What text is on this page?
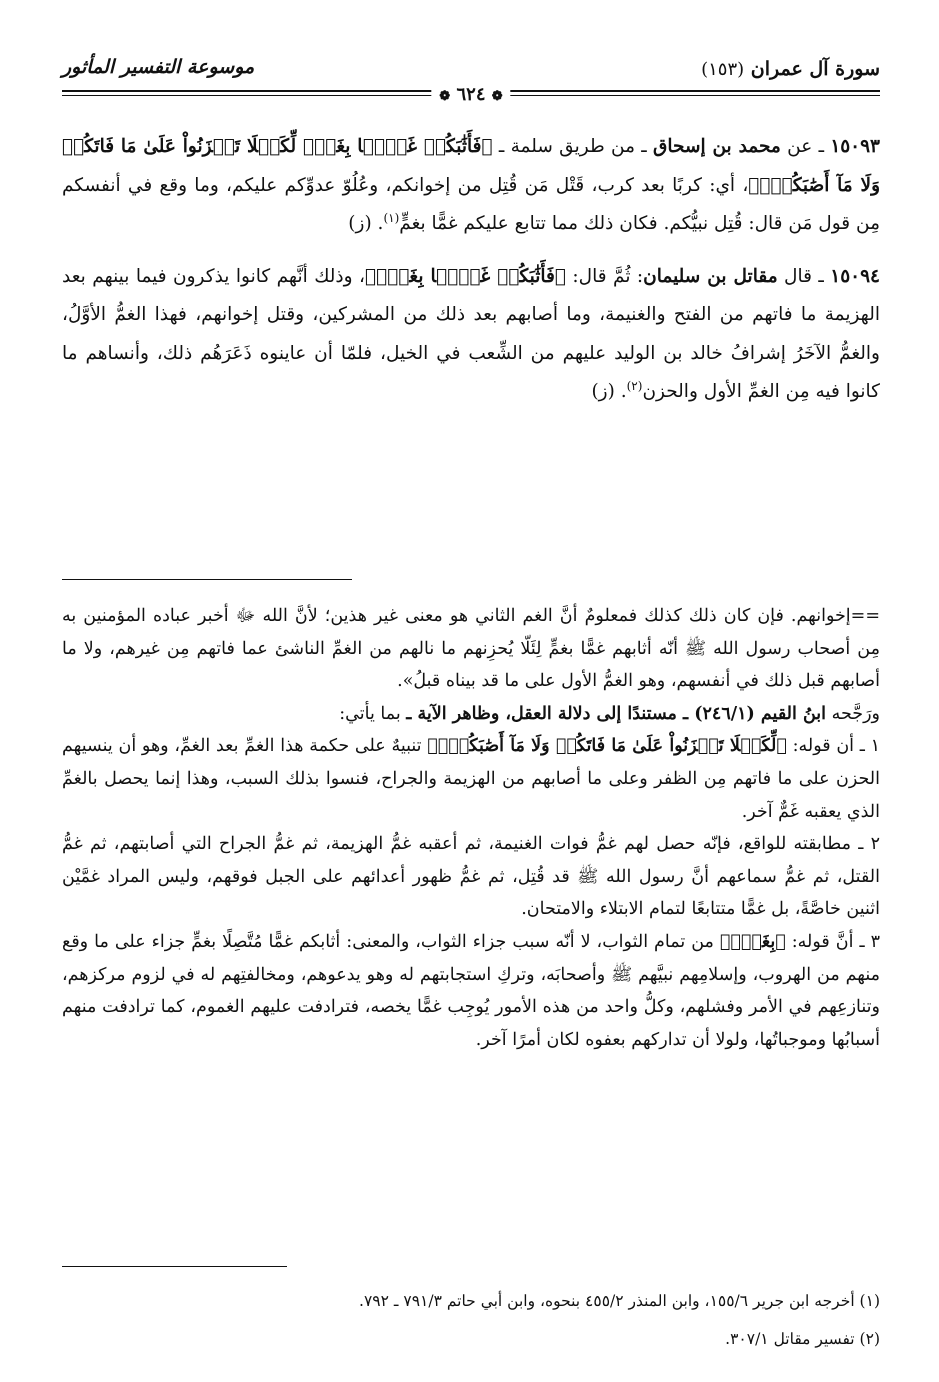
سورة آل عمران (١٥٣)
موسوعة التفسير المأثور
❁ ٦٢٤ ❁

١٥٠٩٣ ـ عن محمد بن إسحاق ـ من طريق سلمة ـ ﴿فَأَثَٰبَكُمۡ غَمَّۢا بِغَمّٖ لِّكَيۡلَا تَحۡزَنُواْ عَلَىٰ مَا فَاتَكُمۡ وَلَا مَآ أَصَٰبَكُمۡۗ﴾، أي: كربًا بعد كرب، قَتْل مَن قُتِل من إخوانكم، وعُلُوّ عدوِّكم عليكم، وما وقع في أنفسكم مِن قول مَن قال: قُتِل نبيُّكم. فكان ذلك مما تتابع عليكم غمًّا بغمٍّ$^{(١)}$. (ز)

١٥٠٩٤ ـ قال مقاتل بن سليمان: ثُمَّ قال: ﴿فَأَثَٰبَكُمۡ غَمَّۢا بِغَمّٖ﴾، وذلك أنَّهم كانوا يذكرون فيما بينهم بعد الهزيمة ما فاتهم من الفتح والغنيمة، وما أصابهم بعد ذلك من المشركين، وقتل إخوانهم، فهذا الغمُّ الأوَّلُ، والغمُّ الآخَرُ إشرافُ خالد بن الوليد عليهم من الشِّعب في الخيل، فلمّا أن عاينوه ذَعَرَهُم ذلك، وأنساهم ما كانوا فيه مِن الغمِّ الأول والحزن$^{(٢)}$. (ز)

==إخوانهم. فإن كان ذلك كذلك فمعلومٌ أنَّ الغم الثاني هو معنى غير هذين؛ لأنَّ الله ﷻ أخبر عباده المؤمنين به مِن أصحاب رسول الله ﷺ أنّه أثابهم غمًّا بغمٍّ لِئَلّا يُحزِنهم ما نالهم من الغمِّ الناشئ عما فاتهم مِن غيرهم، ولا ما أصابهم قبل ذلك في أنفسهم، وهو الغمُّ الأول على ما قد بيناه قبلُ».

ورَجَّحه ابنُ القيم (٢٤٦/١) ـ مستندًا إلى دلالة العقل، وظاهر الآية ـ بما يأتي:

١ ـ أن قوله: ﴿لِّكَيۡلَا تَحۡزَنُواْ عَلَىٰ مَا فَاتَكُمۡ وَلَا مَآ أَصَٰبَكُمۡۗ﴾ تنبيهٌ على حكمة هذا الغمِّ بعد الغمِّ، وهو أن ينسيهم الحزن على ما فاتهم مِن الظفر وعلى ما أصابهم من الهزيمة والجراح، فنسوا بذلك السبب، وهذا إنما يحصل بالغمِّ الذي يعقبه غَمٌّ آخر.

٢ ـ مطابقته للواقع، فإنّه حصل لهم غمُّ فوات الغنيمة، ثم أعقبه غمُّ الهزيمة، ثم غمُّ الجراح التي أصابتهم، ثم غمُّ القتل، ثم غمُّ سماعهم أنَّ رسول الله ﷺ قد قُتِل، ثم غمُّ ظهور أعدائهم على الجبل فوقهم، وليس المراد غمَّيْن اثنين خاصَّةً، بل غمًّا متتابعًا لتمام الابتلاء والامتحان.

٣ ـ أنَّ قوله: ﴿بِغَمّٖ﴾ من تمام الثواب، لا أنّه سبب جزاء الثواب، والمعنى: أثابكم غمًّا مُتَّصِلًا بغمٍّ جزاء على ما وقع منهم من الهروب، وإسلامِهم نبيَّهم ﷺ وأصحابَه، وتركِ استجابتهم له وهو يدعوهم، ومخالفتِهم له في لزوم مركزهم، وتنازعِهم في الأمر وفشلهم، وكلُّ واحد من هذه الأمور يُوجِب غمًّا يخصه، فترادفت عليهم الغموم، كما ترادفت منهم أسبابُها وموجباتُها، ولولا أن تداركهم بعفوه لكان أمرًا آخر.

(١) أخرجه ابن جرير ١٥٥/٦، وابن المنذر ٤٥٥/٢ بنحوه، وابن أبي حاتم ٧٩١/٣ ـ ٧٩٢.

(٢) تفسير مقاتل ٣٠٧/١.
